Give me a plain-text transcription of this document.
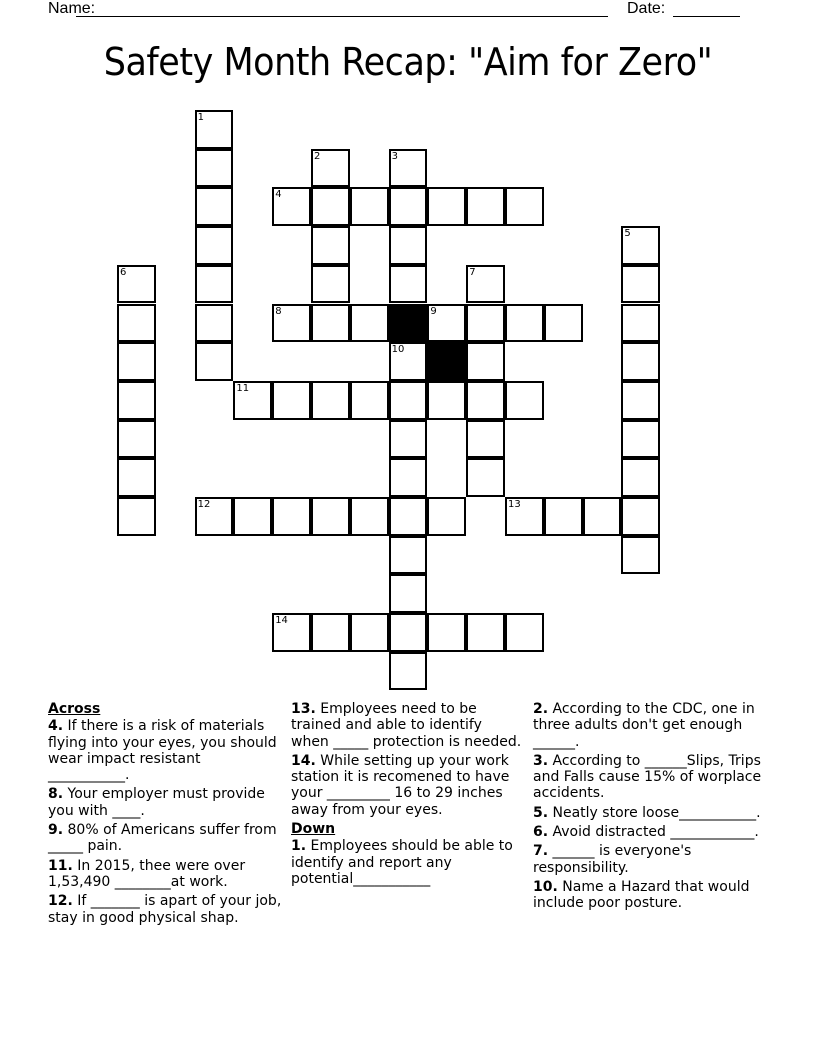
Name:	Date:
Safety Month Recap: "Aim for Zero"
1
2	3
4
5
6	7
8	9
10
11
12	13
14
Across
4. If there is a risk of materials flying into your eyes, you should wear impact resistant ___________.
8. Your employer must provide you with ____.
9. 80% of Americans suffer from _____ pain.
11. In 2015, thee were over 1,53,490 ________at work.
12. If _______ is apart of your job, stay in good physical shap.
13. Employees need to be trained and able to identify when _____ protection is needed.
14. While setting up your work station it is recomened to have your _________ 16 to 29 inches away from your eyes.
Down
1. Employees should be able to identify and report any potential___________
2. According to the CDC, one in three adults don't get enough ______.
3. According to ______Slips, Trips and Falls cause 15% of worplace accidents.
5. Neatly store loose___________.
6. Avoid distracted ____________.
7. ______ is everyone's responsibility.
10. Name a Hazard that would include poor posture.
